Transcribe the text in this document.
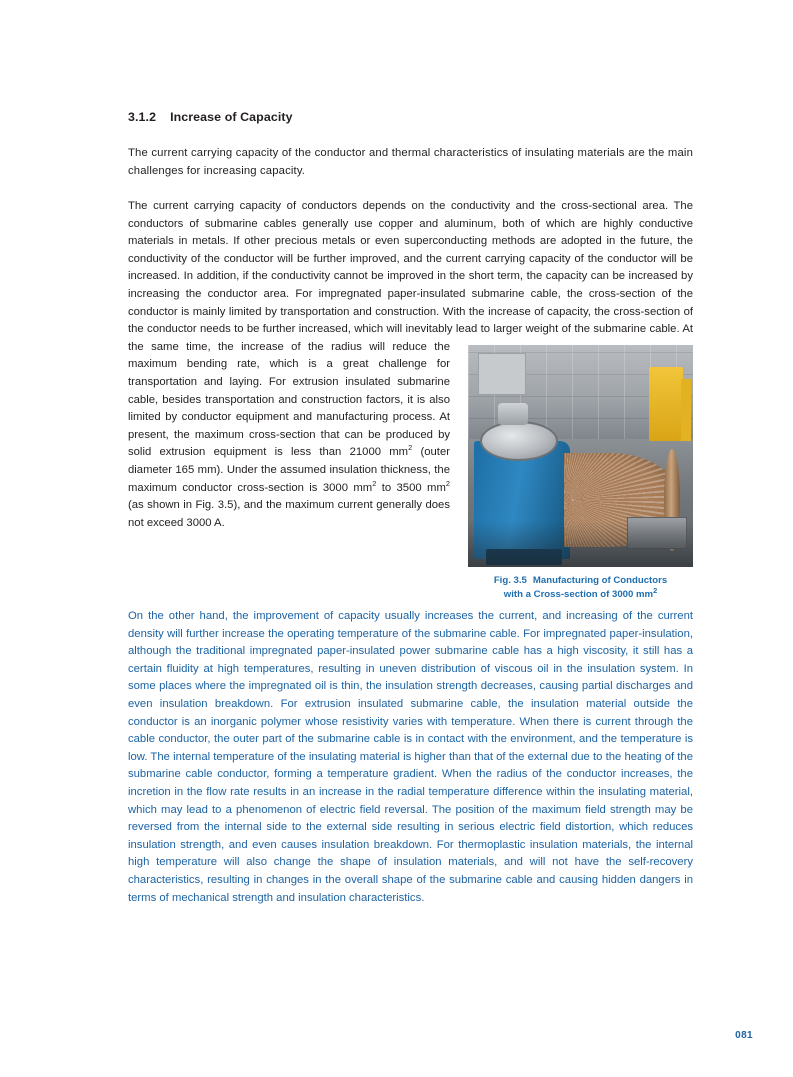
3.1.2 Increase of Capacity

The current carrying capacity of the conductor and thermal characteristics of insulating materials are the main challenges for increasing capacity.

The current carrying capacity of conductors depends on the conductivity and the cross-sectional area. The conductors of submarine cables generally use copper and aluminum, both of which are highly conductive materials in metals. If other precious metals or even superconducting methods are adopted in the future, the conductivity of the conductor will be further improved, and the current carrying capacity of the conductor will be increased. In addition, if the conductivity cannot be improved in the short term, the capacity can be increased by increasing the conductor area. For impregnated paper-insulated submarine cable, the cross-section of the conductor is mainly limited by transportation and construction. With the increase of capacity, the cross-section of the conductor needs to be further increased, which will inevitably lead to larger weight of the submarine cable. At the same time, the increase of the radius will reduce the maximum bending rate, which is a great challenge for transportation and laying. For extrusion insulated submarine cable, besides transportation and construction factors, it is also limited by conductor equipment and manufacturing process. At present, the maximum cross-section that can be produced by solid extrusion equipment is less than 21000 $mm^2$ (outer diameter 165 mm). Under the assumed insulation thickness, the maximum conductor cross-section is 3000 $mm^2$ to 3500 $mm^2$ (as shown in Fig. 3.5), and the maximum current generally does not exceed 3000 A.

Fig. 3.5 Manufacturing of Conductors
with a Cross-section of 3000 $mm^2$

On the other hand, the improvement of capacity usually increases the current, and increasing of the current density will further increase the operating temperature of the submarine cable. For impregnated paper-insulation, although the traditional impregnated paper-insulated power submarine cable has a high viscosity, it still has a certain fluidity at high temperatures, resulting in uneven distribution of viscous oil in the insulation system. In some places where the impregnated oil is thin, the insulation strength decreases, causing partial discharges and even insulation breakdown. For extrusion insulated submarine cable, the insulation material outside the conductor is an inorganic polymer whose resistivity varies with temperature. When there is current through the cable conductor, the outer part of the submarine cable is in contact with the environment, and the temperature is low. The internal temperature of the insulating material is higher than that of the external due to the heating of the submarine cable conductor, forming a temperature gradient. When the radius of the conductor increases, the incretion in the flow rate results in an increase in the radial temperature difference within the insulating material, which may lead to a phenomenon of electric field reversal. The position of the maximum field strength may be reversed from the internal side to the external side resulting in serious electric field distortion, which reduces insulation strength, and even causes insulation breakdown. For thermoplastic insulation materials, the internal high temperature will also change the shape of insulation materials, and will not have the self-recovery characteristics, resulting in changes in the overall shape of the submarine cable and causing hidden dangers in terms of mechanical strength and insulation characteristics.

081
